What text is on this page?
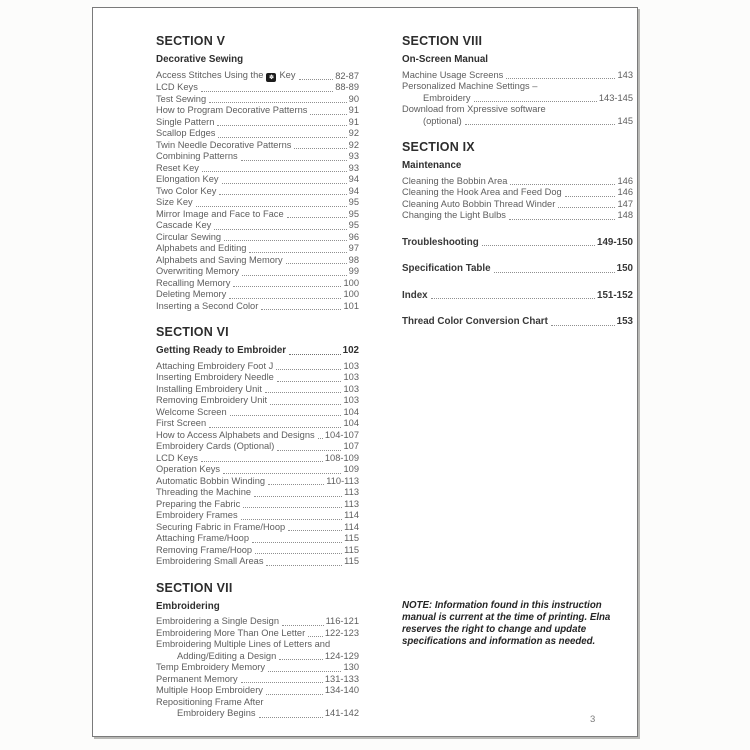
SECTION V
Decorative Sewing
Access Stitches Using the ✽ Key	82-87
LCD Keys	88-89
Test Sewing	90
How to Program Decorative Patterns	91
Single Pattern	91
Scallop Edges	92
Twin Needle Decorative Patterns	92
Combining Patterns	93
Reset Key	93
Elongation Key	94
Two Color Key	94
Size Key	95
Mirror Image and Face to Face	95
Cascade Key	95
Circular Sewing	96
Alphabets and Editing	97
Alphabets and Saving Memory	98
Overwriting Memory	99
Recalling Memory	100
Deleting Memory	100
Inserting a Second Color	101
SECTION VI
Getting Ready to Embroider	102
Attaching Embroidery Foot J	103
Inserting Embroidery Needle	103
Installing Embroidery Unit	103
Removing Embroidery Unit	103
Welcome Screen	104
First Screen	104
How to Access Alphabets and Designs 104-107
Embroidery Cards (Optional)	107
LCD Keys	108-109
Operation Keys	109
Automatic Bobbin Winding	110-113
Threading the Machine	113
Preparing the Fabric	113
Embroidery Frames	114
Securing Fabric in Frame/Hoop	114
Attaching Frame/Hoop	115
Removing Frame/Hoop	115
Embroidering Small Areas	115
SECTION VII
Embroidering
Embroidering a Single Design	116-121
Embroidering More Than One Letter 122-123
Embroidering Multiple Lines of Letters and
Adding/Editing a Design	124-129
Temp Embroidery Memory	130
Permanent Memory	131-133
Multiple Hoop Embroidery	134-140
Repositioning Frame After
Embroidery Begins	141-142
SECTION VIII
On-Screen Manual
Machine Usage Screens	143
Personalized Machine Settings –
Embroidery	143-145
Download from Xpressive software
(optional)	145
SECTION IX
Maintenance
Cleaning the Bobbin Area	146
Cleaning the Hook Area and Feed Dog	146
Cleaning Auto Bobbin Thread Winder	147
Changing the Light Bulbs	148
Troubleshooting	149-150
Specification Table	150
Index	151-152
Thread Color Conversion Chart	153
NOTE: Information found in this instruction manual is current at the time of printing. Elna reserves the right to change and update specifications and information as needed.
3
